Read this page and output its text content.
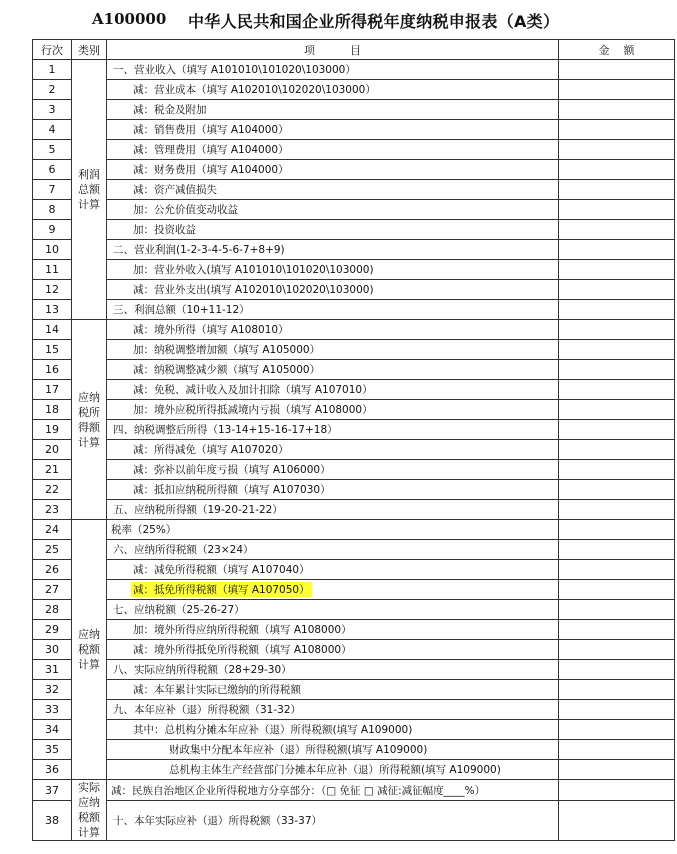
A100000 中华人民共和国企业所得税年度纳税申报表（A类）
行次	类别	项          目	金    额
1	利润总额计算	一、营业收入（填写 A101010\101020\103000）	
2		减：营业成本（填写 A102010\102020\103000）	
3		减：税金及附加	
4		减：销售费用（填写 A104000）	
5		减：管理费用（填写 A104000）	
6		减：财务费用（填写 A104000）	
7		减：资产减值损失	
8		加：公允价值变动收益	
9		加：投资收益	
10		二、营业利润(1-2-3-4-5-6-7+8+9)	
11		加：营业外收入(填写 A101010\101020\103000)	
12		减：营业外支出(填写 A102010\102020\103000)	
13		三、利润总额（10+11-12）	
14	应纳税所得额计算	减：境外所得（填写 A108010）	
15		加：纳税调整增加额（填写 A105000）	
16		减：纳税调整减少额（填写 A105000）	
17		减：免税、减计收入及加计扣除（填写 A107010）	
18		加：境外应税所得抵减境内亏损（填写 A108000）	
19		四、纳税调整后所得（13-14+15-16-17+18）	
20		减：所得减免（填写 A107020）	
21		减：弥补以前年度亏损（填写 A106000）	
22		减：抵扣应纳税所得额（填写 A107030）	
23		五、应纳税所得额（19-20-21-22）	
24	应纳税额计算	税率（25%）	
25		六、应纳所得税额（23×24）	
26		减：减免所得税额（填写 A107040）	
27		减：抵免所得税额（填写 A107050）	
28		七、应纳税额（25-26-27）	
29		加：境外所得应纳所得税额（填写 A108000）	
30		减：境外所得抵免所得税额（填写 A108000）	
31		八、实际应纳所得税额（28+29-30）	
32		减：本年累计实际已缴纳的所得税额	
33		九、本年应补（退）所得税额（31-32）	
34		其中：总机构分摊本年应补（退）所得税额(填写 A109000)	
35		财政集中分配本年应补（退）所得税额(填写 A109000)	
36		总机构主体生产经营部门分摊本年应补（退）所得税额(填写 A109000)	
37	实际应纳税额计算	减：民族自治地区企业所得税地方分享部分：（□ 免征 □ 减征:减征幅度____%）	
38		十、本年实际应补（退）所得税额（33-37）	
